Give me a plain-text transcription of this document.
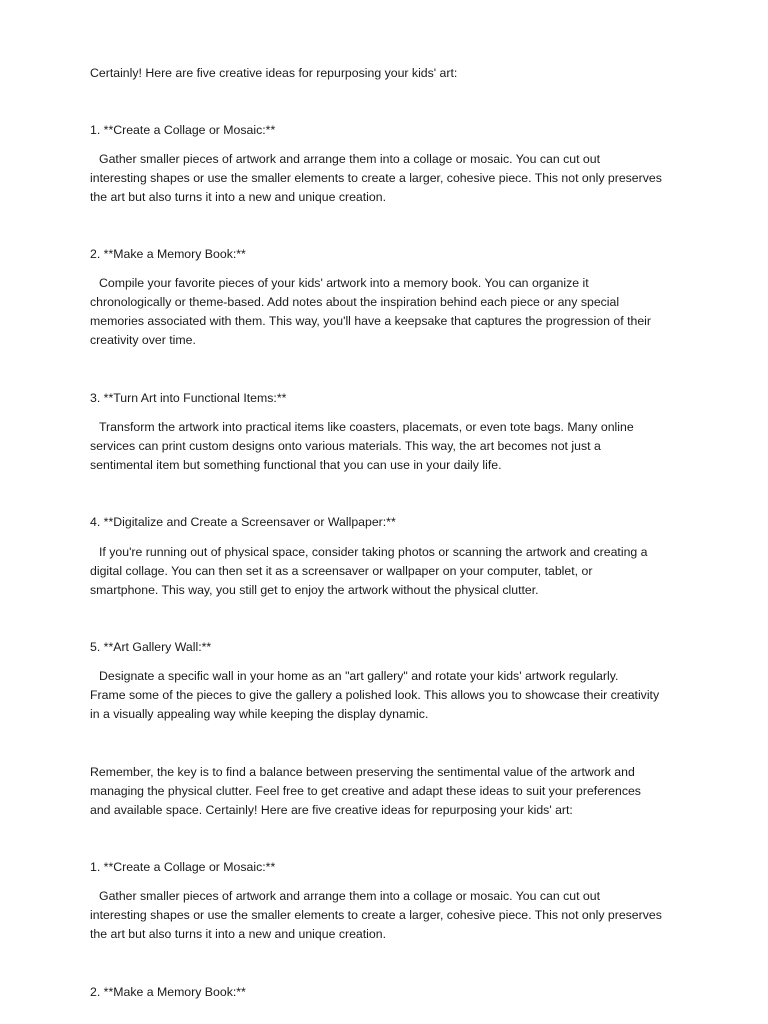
Certainly! Here are five creative ideas for repurposing your kids' art:
1. **Create a Collage or Mosaic:**
Gather smaller pieces of artwork and arrange them into a collage or mosaic. You can cut out
interesting shapes or use the smaller elements to create a larger, cohesive piece. This not only preserves
the art but also turns it into a new and unique creation.
2. **Make a Memory Book:**
Compile your favorite pieces of your kids' artwork into a memory book. You can organize it
chronologically or theme-based. Add notes about the inspiration behind each piece or any special
memories associated with them. This way, you'll have a keepsake that captures the progression of their
creativity over time.
3. **Turn Art into Functional Items:**
Transform the artwork into practical items like coasters, placemats, or even tote bags. Many online
services can print custom designs onto various materials. This way, the art becomes not just a
sentimental item but something functional that you can use in your daily life.
4. **Digitalize and Create a Screensaver or Wallpaper:**
If you're running out of physical space, consider taking photos or scanning the artwork and creating a
digital collage. You can then set it as a screensaver or wallpaper on your computer, tablet, or
smartphone. This way, you still get to enjoy the artwork without the physical clutter.
5. **Art Gallery Wall:**
Designate a specific wall in your home as an "art gallery" and rotate your kids' artwork regularly.
Frame some of the pieces to give the gallery a polished look. This allows you to showcase their creativity
in a visually appealing way while keeping the display dynamic.
Remember, the key is to find a balance between preserving the sentimental value of the artwork and
managing the physical clutter. Feel free to get creative and adapt these ideas to suit your preferences
and available space. Certainly! Here are five creative ideas for repurposing your kids' art:
1. **Create a Collage or Mosaic:**
Gather smaller pieces of artwork and arrange them into a collage or mosaic. You can cut out
interesting shapes or use the smaller elements to create a larger, cohesive piece. This not only preserves
the art but also turns it into a new and unique creation.
2. **Make a Memory Book:**
